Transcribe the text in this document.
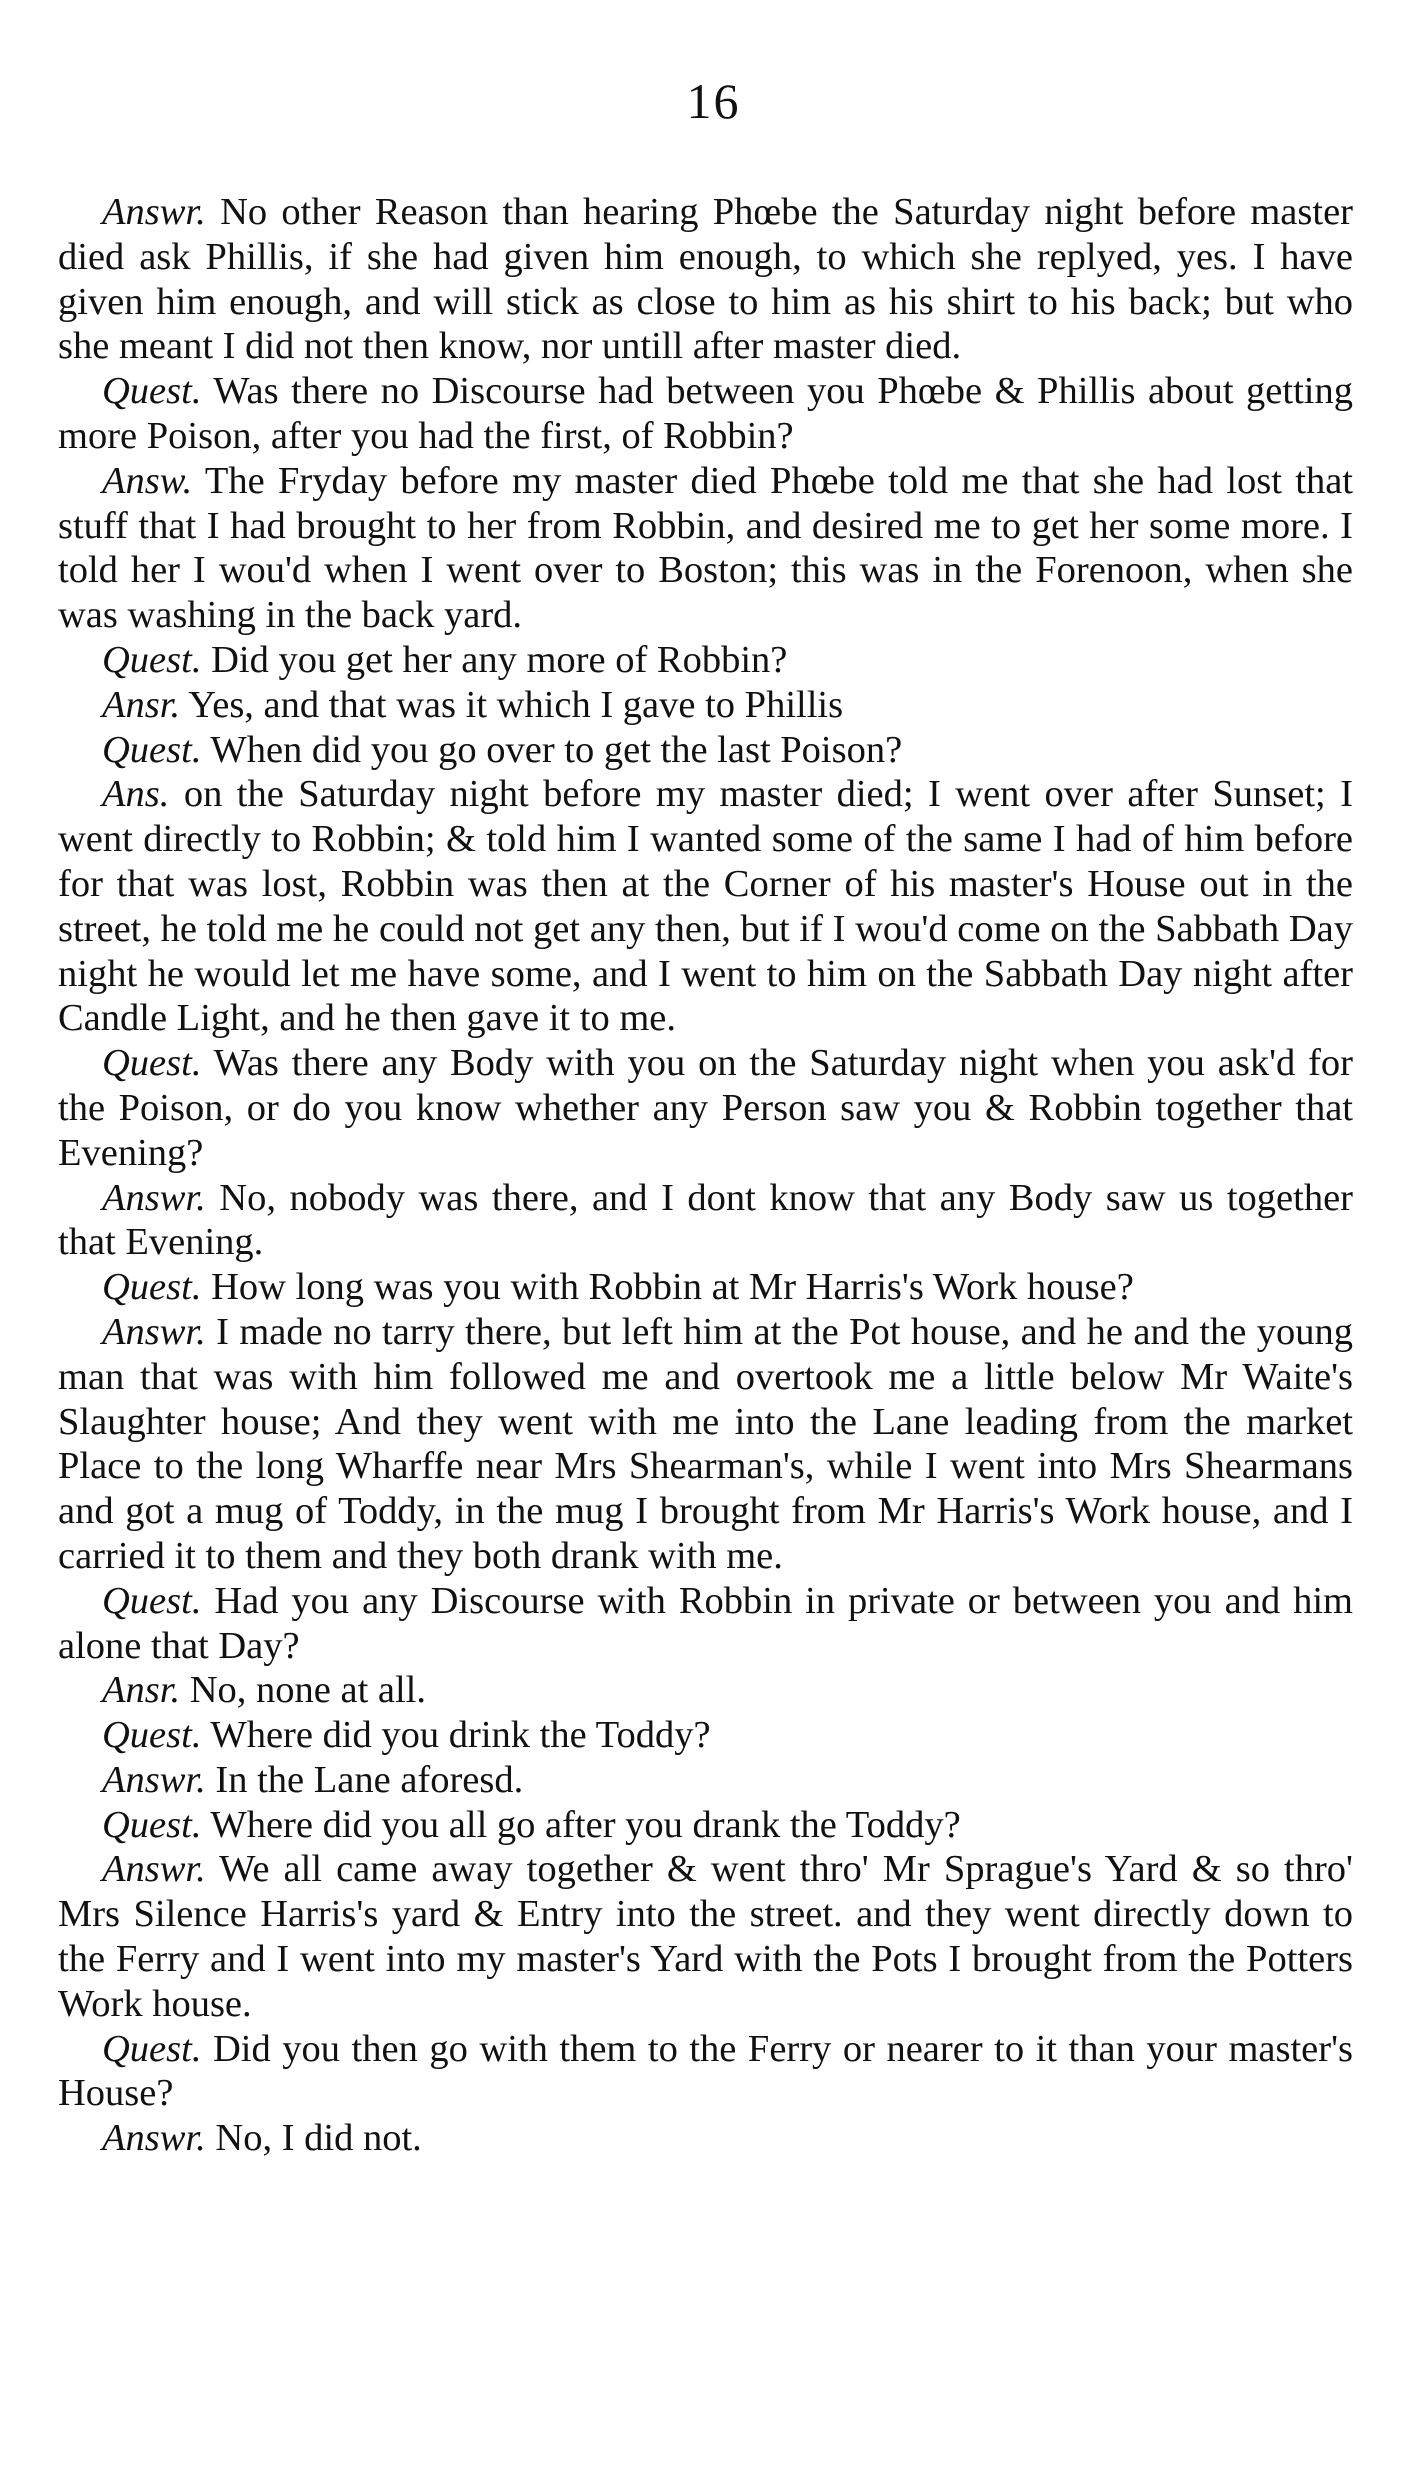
16

Answr. No other Reason than hearing Phœbe the Saturday night before master died ask Phillis, if she had given him enough, to which she replyed, yes. I have given him enough, and will stick as close to him as his shirt to his back; but who she meant I did not then know, nor untill after master died.

Quest. Was there no Discourse had between you Phœbe & Phillis about getting more Poison, after you had the first, of Robbin?

Answ. The Fryday before my master died Phœbe told me that she had lost that stuff that I had brought to her from Robbin, and desired me to get her some more. I told her I wou'd when I went over to Boston; this was in the Forenoon, when she was washing in the back yard.

Quest. Did you get her any more of Robbin?

Ansr. Yes, and that was it which I gave to Phillis

Quest. When did you go over to get the last Poison?

Ans. on the Saturday night before my master died; I went over after Sunset; I went directly to Robbin; & told him I wanted some of the same I had of him before for that was lost, Robbin was then at the Corner of his master's House out in the street, he told me he could not get any then, but if I wou'd come on the Sabbath Day night he would let me have some, and I went to him on the Sabbath Day night after Candle Light, and he then gave it to me.

Quest. Was there any Body with you on the Saturday night when you ask'd for the Poison, or do you know whether any Person saw you & Robbin together that Evening?

Answr. No, nobody was there, and I dont know that any Body saw us together that Evening.

Quest. How long was you with Robbin at Mr Harris's Work house?

Answr. I made no tarry there, but left him at the Pot house, and he and the young man that was with him followed me and overtook me a little below Mr Waite's Slaughter house; And they went with me into the Lane leading from the market Place to the long Wharffe near Mrs Shearman's, while I went into Mrs Shearmans and got a mug of Toddy, in the mug I brought from Mr Harris's Work house, and I carried it to them and they both drank with me.

Quest. Had you any Discourse with Robbin in private or between you and him alone that Day?

Ansr. No, none at all.

Quest. Where did you drink the Toddy?

Answr. In the Lane aforesd.

Quest. Where did you all go after you drank the Toddy?

Answr. We all came away together & went thro' Mr Sprague's Yard & so thro' Mrs Silence Harris's yard & Entry into the street. and they went directly down to the Ferry and I went into my master's Yard with the Pots I brought from the Potters Work house.

Quest. Did you then go with them to the Ferry or nearer to it than your master's House?

Answr. No, I did not.
